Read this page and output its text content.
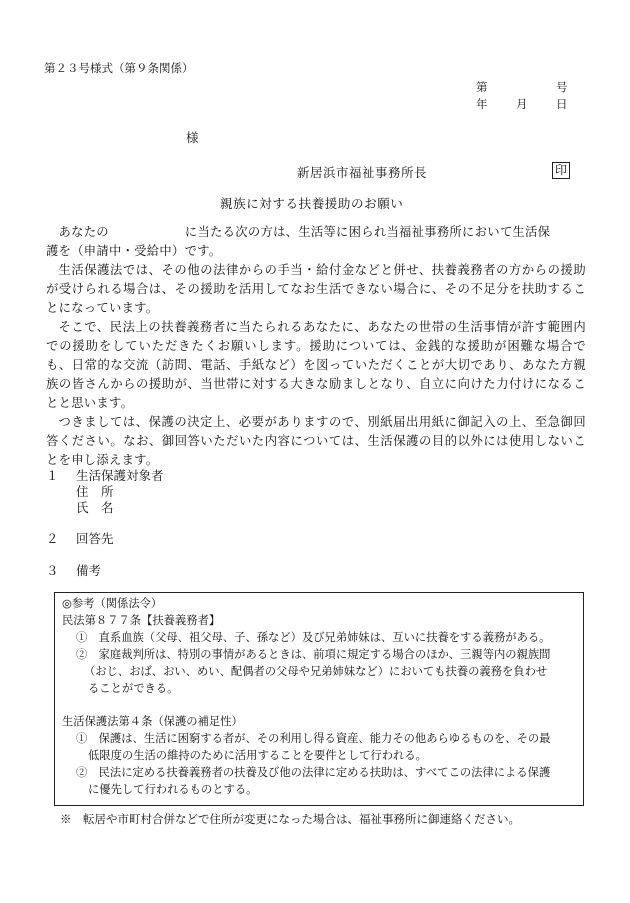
第２３号様式（第９条関係）
第	号
年 月 日
様
新居浜市福祉事務所長	印
親族に対する扶養援助のお願い

あなたの	に当たる次の方は、生活等に困られ当福祉事務所において生活保

護を（申請中・受給中）です。

生活保護法では、その他の法律からの手当・給付金などと併せ、扶養義務者の方からの援助が受けられる場合は、その援助を活用してなお生活できない場合に、その不足分を扶助することになっています。

そこで、民法上の扶養義務者に当たられるあなたに、あなたの世帯の生活事情が許す範囲内での援助をしていただきたくお願いします。援助については、金銭的な援助が困難な場合でも、日常的な交流（訪問、電話、手紙など）を図っていただくことが大切であり、あなた方親族の皆さんからの援助が、当世帯に対する大きな励ましとなり、自立に向けた力付けになることと思います。

つきましては、保護の決定上、必要がありますので、別紙届出用紙に御記入の上、至急御回答ください。なお、御回答いただいた内容については、生活保護の目的以外には使用しないことを申し添えます。

１ 生活保護対象者
住　所
氏　名
２ 回答先
３ 備考
◎参考（関係法令）
民法第８７７条【扶養義務者】
①　直系血族（父母、祖父母、子、孫など）及び兄弟姉妹は、互いに扶養をする義務がある。
②　家庭裁判所は、特別の事情があるときは、前項に規定する場合のほか、三親等内の親族間
（おじ、おば、おい、めい、配偶者の父母や兄弟姉妹など）においても扶養の義務を負わせ
ることができる。
生活保護法第４条（保護の補足性）
①　保護は、生活に困窮する者が、その利用し得る資産、能力その他あらゆるものを、その最
低限度の生活の維持のために活用することを要件として行われる。
②　民法に定める扶養義務者の扶養及び他の法律に定める扶助は、すべてこの法律による保護
に優先して行われるものとする。
※　転居や市町村合併などで住所が変更になった場合は、福祉事務所に御連絡ください。
